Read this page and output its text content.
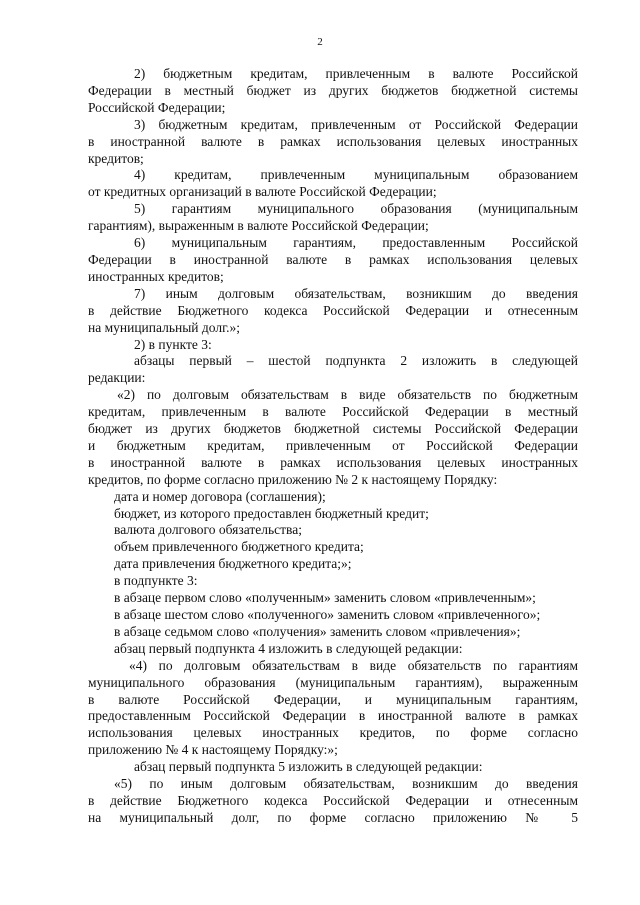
2

2) бюджетным кредитам, привлеченным в валюте Российской

Федерации в местный бюджет из других бюджетов бюджетной системы

Российской Федерации;

3) бюджетным кредитам, привлеченным от Российской Федерации

в иностранной валюте в рамках использования целевых иностранных

кредитов;

4) кредитам, привлеченным муниципальным образованием

от кредитных организаций в валюте Российской Федерации;

5) гарантиям муниципального образования (муниципальным

гарантиям), выраженным в валюте Российской Федерации;

6) муниципальным гарантиям, предоставленным Российской

Федерации в иностранной валюте в рамках использования целевых

иностранных кредитов;

7) иным долговым обязательствам, возникшим до введения

в действие Бюджетного кодекса Российской Федерации и отнесенным

на муниципальный долг.»;

2) в пункте 3:

абзацы первый – шестой подпункта 2 изложить в следующей

редакции:

«2) по долговым обязательствам в виде обязательств по бюджетным

кредитам, привлеченным в валюте Российской Федерации в местный

бюджет из других бюджетов бюджетной системы Российской Федерации

и бюджетным кредитам, привлеченным от Российской Федерации

в иностранной валюте в рамках использования целевых иностранных

кредитов, по форме согласно приложению № 2 к настоящему Порядку:

дата и номер договора (соглашения);

бюджет, из которого предоставлен бюджетный кредит;

валюта долгового обязательства;

объем привлеченного бюджетного кредита;

дата привлечения бюджетного кредита;»;

в подпункте 3:

в абзаце первом слово «полученным» заменить словом «привлеченным»;

в абзаце шестом слово «полученного» заменить словом «привлеченного»;

в абзаце седьмом слово «получения» заменить словом «привлечения»;

абзац первый подпункта 4 изложить в следующей редакции:

«4) по долговым обязательствам в виде обязательств по гарантиям

муниципального образования (муниципальным гарантиям), выраженным

в валюте Российской Федерации, и муниципальным гарантиям,

предоставленным Российской Федерации в иностранной валюте в рамках

использования целевых иностранных кредитов, по форме согласно

приложению № 4 к настоящему Порядку:»;

абзац первый подпункта 5 изложить в следующей редакции:

«5) по иным долговым обязательствам, возникшим до введения

в действие Бюджетного кодекса Российской Федерации и отнесенным

на муниципальный долг, по форме согласно приложению № 5
